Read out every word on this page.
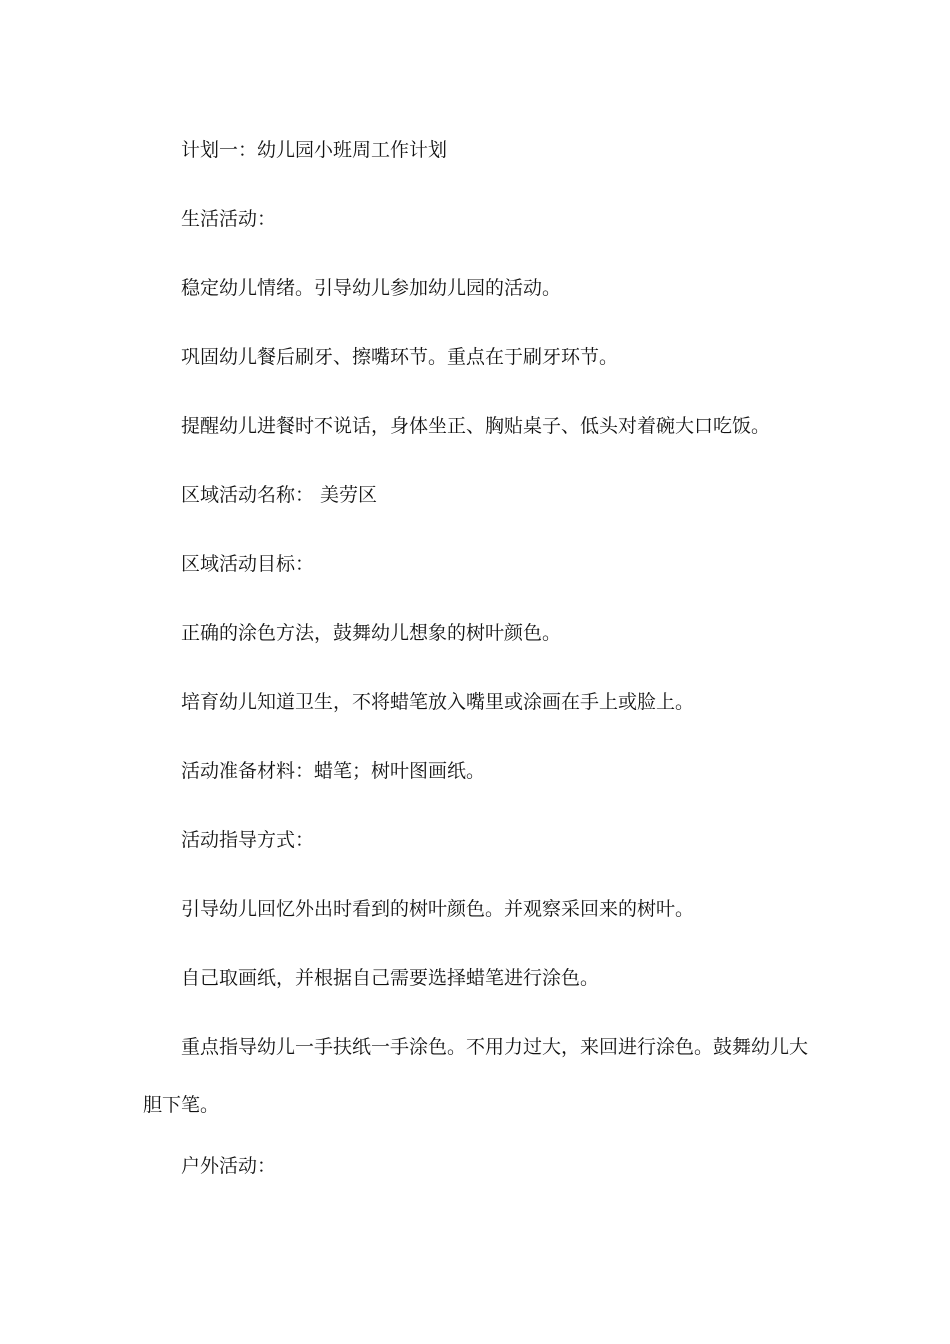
计划一：幼儿园小班周工作计划

生活活动：

稳定幼儿情绪。引导幼儿参加幼儿园的活动。

巩固幼儿餐后刷牙、擦嘴环节。重点在于刷牙环节。

提醒幼儿进餐时不说话，身体坐正、胸贴桌子、低头对着碗大口吃饭。

区域活动名称： 美劳区

区域活动目标：

正确的涂色方法，鼓舞幼儿想象的树叶颜色。

培育幼儿知道卫生，不将蜡笔放入嘴里或涂画在手上或脸上。

活动准备材料：蜡笔；树叶图画纸。

活动指导方式：

引导幼儿回忆外出时看到的树叶颜色。并观察采回来的树叶。

自己取画纸，并根据自己需要选择蜡笔进行涂色。

重点指导幼儿一手扶纸一手涂色。不用力过大，来回进行涂色。鼓舞幼儿大胆下笔。

户外活动：
